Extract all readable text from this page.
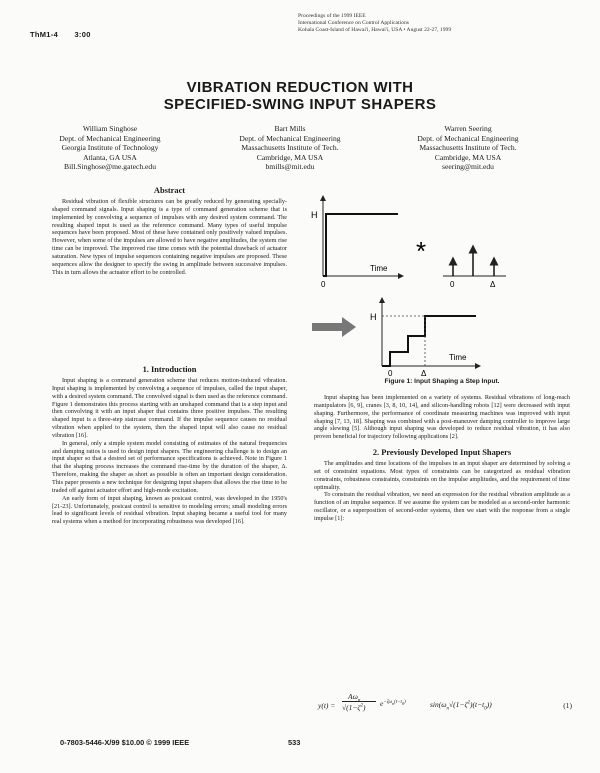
Proceedings of the 1999 IEEE
International Conference on Control Applications
Kohala Coast-Island of Hawai'i, Hawai'i, USA • August 22-27, 1999
ThM1-4 3:00
VIBRATION REDUCTION WITH
SPECIFIED-SWING INPUT SHAPERS
William Singhose
Dept. of Mechanical Engineering
Georgia Institute of Technology
Atlanta, GA USA
Bill.Singhose@me.gatech.edu
Bart Mills
Dept. of Mechanical Engineering
Massachusetts Institute of Tech.
Cambridge, MA USA
bmills@mit.edu
Warren Seering
Dept. of Mechanical Engineering
Massachusetts Institute of Tech.
Cambridge, MA USA
seering@mit.edu
Abstract

Residual vibration of flexible structures can be greatly reduced by generating specially-shaped command signals. Input shaping is a type of command generation scheme that is implemented by convolving a sequence of impulses with any desired system command. The resulting shaped input is used as the reference command. Many types of useful impulse sequences have been proposed. Most of these have contained only positively valued impulses. However, when some of the impulses are allowed to have negative amplitudes, the system rise time can be improved. The improved rise time comes with the potential drawback of actuator saturation. New types of impulse sequences containing negative impulses are proposed. These sequences allow the designer to specify the swing in amplitude between successive impulses. This in turn allows the actuator effort to be controlled.

1. Introduction

Input shaping is a command generation scheme that reduces motion-induced vibration. Input shaping is implemented by convolving a sequence of impulses, called the input shaper, with a desired system command. The convolved signal is then used as the reference command. Figure 1 demonstrates this process starting with an unshaped command that is a step input and then convolving it with an input shaper that contains three positive impulses. The resulting shaped input is a three-step staircase command. If the impulse sequence causes no residual vibration when applied to the system, then the shaped input will also cause no residual vibration [16].

In general, only a simple system model consisting of estimates of the natural frequencies and damping ratios is used to design input shapers. The engineering challenge is to design an input shaper so that a desired set of performance specifications is achieved. Note in Figure 1 that the shaping process increases the command rise-time by the duration of the shaper, Δ. Therefore, making the shaper as short as possible is often an important design consideration. This paper presents a new technique for designing input shapers that allows the rise time to be traded off against actuator effort and high-mode excitation.

An early form of input shaping, known as posicast control, was developed in the 1950's [21-23]. Unfortunately, posicast control is sensitive to modeling errors; small modeling errors lead to significant levels of residual vibration. Input shaping became a useful tool for many real systems when a method for incorporating robustness was developed [16].

H
0
Time
*
0	Δ
H
0	Δ
Time
Figure 1: Input Shaping a Step Input.

Input shaping has been implemented on a variety of systems. Residual vibrations of long-reach manipulators [6, 9], cranes [3, 8, 10, 14], and silicon-handling robots [12] were decreased with input shaping. Furthermore, the performance of coordinate measuring machines was improved with input shaping [7, 13, 18]. Shaping was combined with a post-maneuver damping controller to improve large angle slewing [5]. Although input shaping was developed to reduce residual vibration, it has also proven beneficial for trajectory following applications [2].

2. Previously Developed Input Shapers

The amplitudes and time locations of the impulses in an input shaper are determined by solving a set of constraint equations. Most types of constraints can be categorized as residual vibration constraints, robustness constraints, constraints on the impulse amplitudes, and the requirement of time optimality.

To constrain the residual vibration, we need an expression for the residual vibration amplitude as a function of an impulse sequence. If we assume the system can be modeled as a second-order harmonic oscillator, or a superposition of second-order systems, then we start with the response from a single impulse [1]:

y(t) =
$A\omega_n$
$√(1-\zeta^2)$ $e^{-\zeta\omega_n(t-t_0)}$	$\sin(\omega_n√(1-\zeta^2)(t-t_0))$	(1)
0-7803-5446-X/99 $10.00 © 1999 IEEE	533
